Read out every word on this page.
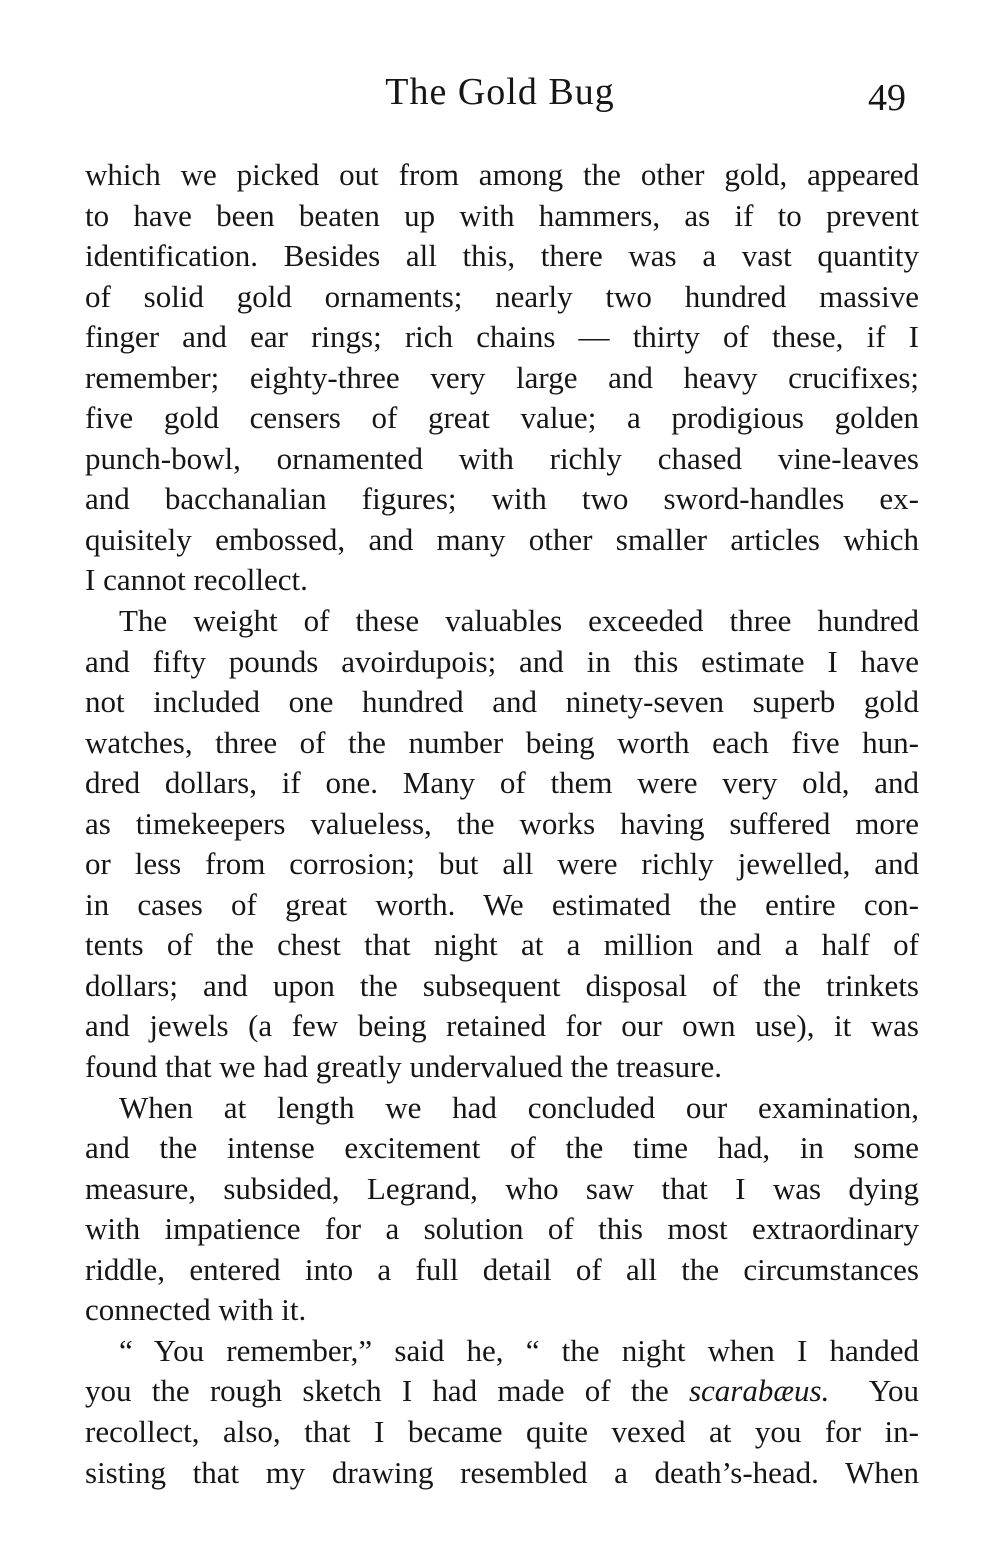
The Gold Bug	49
which we picked out from among the other gold, appeared
to have been beaten up with hammers, as if to prevent
identification. Besides all this, there was a vast quantity
of solid gold ornaments; nearly two hundred massive
finger and ear rings; rich chains — thirty of these, if I
remember; eighty-three very large and heavy crucifixes;
five gold censers of great value; a prodigious golden
punch-bowl, ornamented with richly chased vine-leaves
and bacchanalian figures; with two sword-handles ex-
quisitely embossed, and many other smaller articles which
I cannot recollect.
The weight of these valuables exceeded three hundred
and fifty pounds avoirdupois; and in this estimate I have
not included one hundred and ninety-seven superb gold
watches, three of the number being worth each five hun-
dred dollars, if one. Many of them were very old, and
as timekeepers valueless, the works having suffered more
or less from corrosion; but all were richly jewelled, and
in cases of great worth. We estimated the entire con-
tents of the chest that night at a million and a half of
dollars; and upon the subsequent disposal of the trinkets
and jewels (a few being retained for our own use), it was
found that we had greatly undervalued the treasure.
When at length we had concluded our examination,
and the intense excitement of the time had, in some
measure, subsided, Legrand, who saw that I was dying
with impatience for a solution of this most extraordinary
riddle, entered into a full detail of all the circumstances
connected with it.
“ You remember,” said he, “ the night when I handed
you the rough sketch I had made of the scarabæus.  You
recollect, also, that I became quite vexed at you for in-
sisting that my drawing resembled a death’s-head. When
